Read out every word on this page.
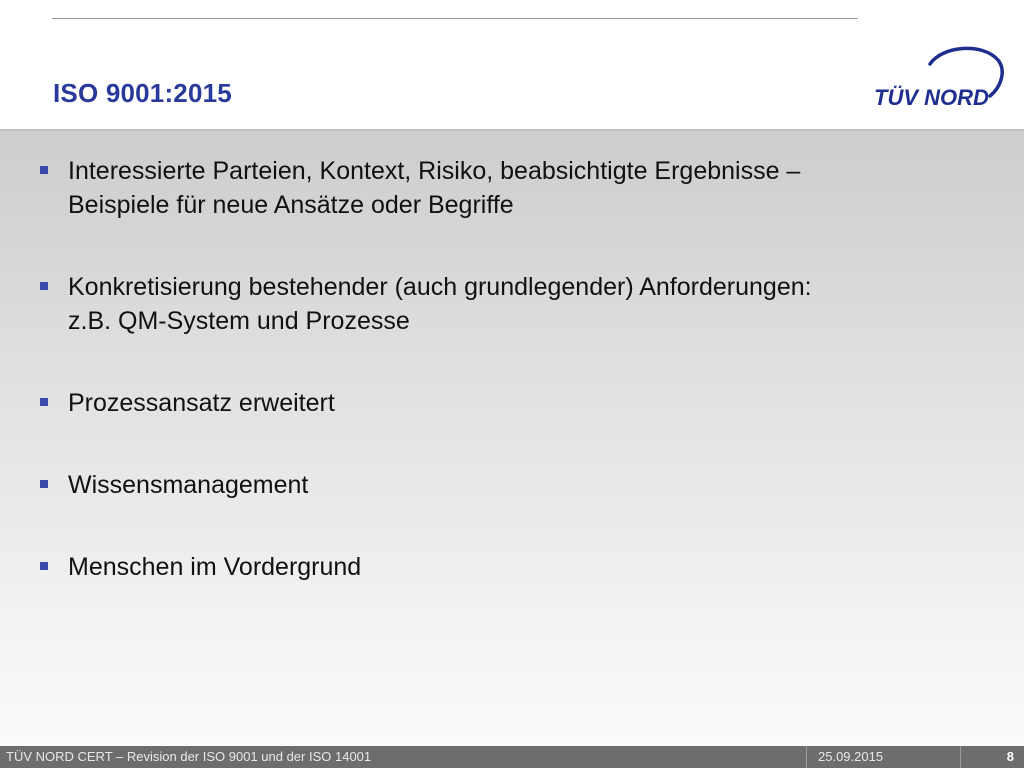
ISO 9001:2015	TÜV NORD
Interessierte Parteien, Kontext, Risiko, beabsichtigte Ergebnisse –
Beispiele für neue Ansätze oder Begriffe
Konkretisierung bestehender (auch grundlegender) Anforderungen:
z.B. QM-System und Prozesse
Prozessansatz erweitert
Wissensmanagement
Menschen im Vordergrund
TÜV NORD CERT – Revision der ISO 9001 und der ISO 14001	25.09.2015	8
